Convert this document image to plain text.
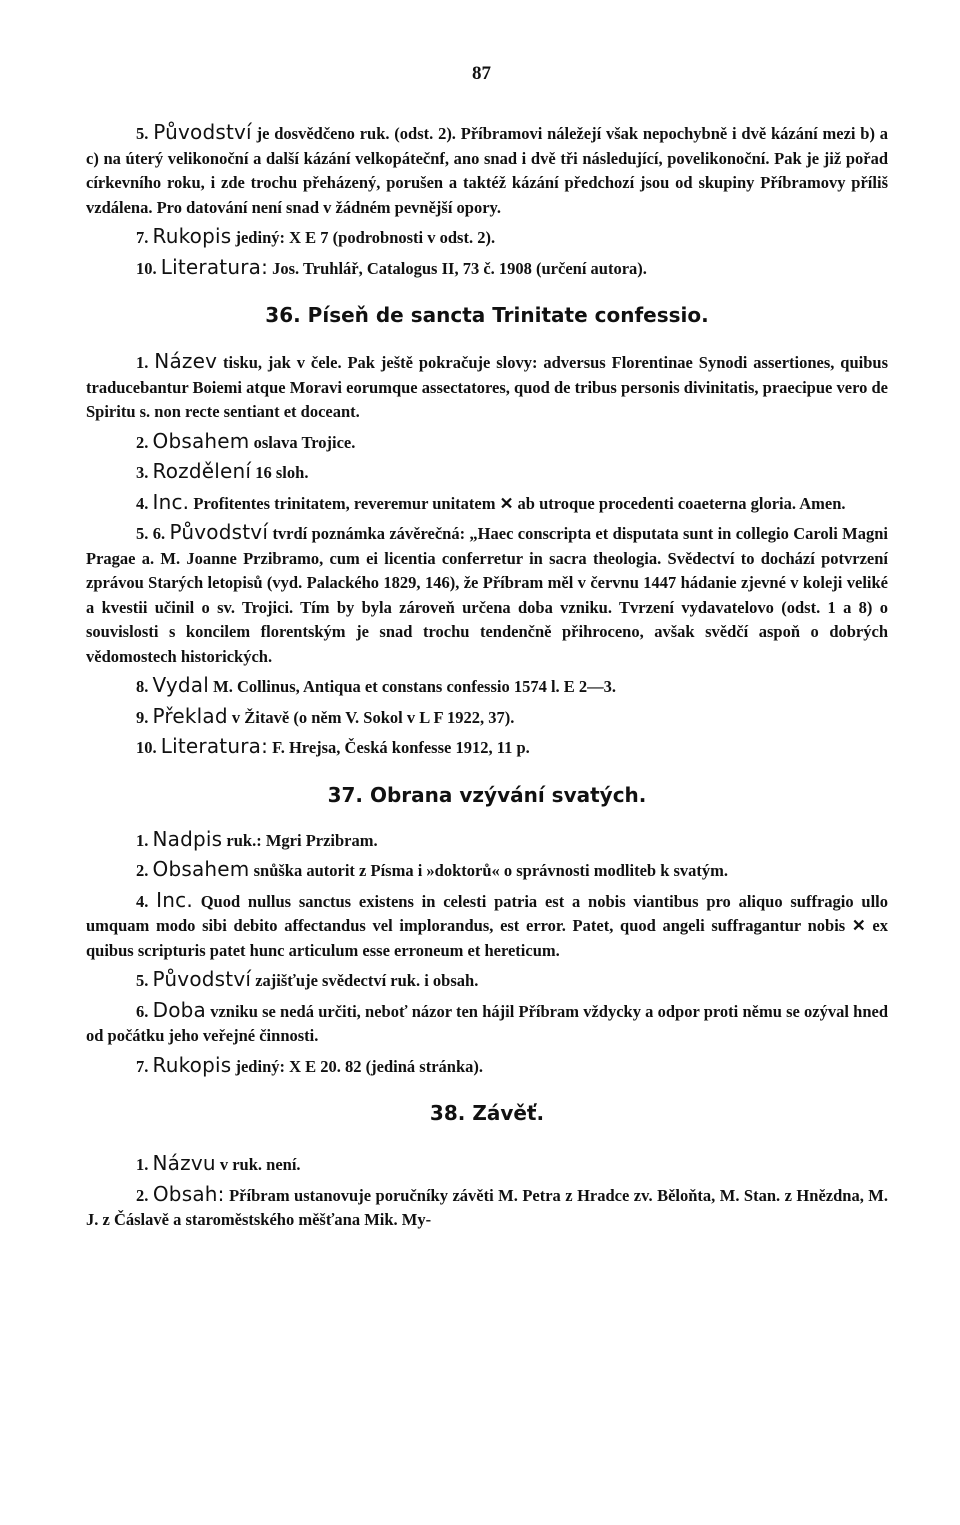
87

5. Původství je dosvědčeno ruk. (odst. 2). Příbramovi náležejí však nepochybně i dvě kázání mezi b) a c) na úterý velikonoční a další kázání velkopátečnf, ano snad i dvě tři následující, povelikonoční. Pak je již pořad církevního roku, i zde trochu přeházený, porušen a taktéž kázání předchozí jsou od skupiny Příbramovy příliš vzdálena. Pro datování není snad v žádném pevnější opory.

7. Rukopis jediný: X E 7 (podrobnosti v odst. 2).

10. Literatura: Jos. Truhlář, Catalogus II, 73 č. 1908 (určení autora).

36. Píseň de sancta Trinitate confessio.

1. Název tisku, jak v čele. Pak ještě pokračuje slovy: adversus Florentinae Synodi assertiones, quibus traducebantur Boiemi atque Moravi eorumque assectatores, quod de tribus personis divinitatis, praecipue vero de Spiritu s. non recte sentiant et doceant.

2. Obsahem oslava Trojice.

3. Rozdělení 16 sloh.

4. Inc. Profitentes trinitatem, reveremur unitatem ✕ ab utroque procedenti coaeterna gloria. Amen.

5. 6. Původství tvrdí poznámka závěrečná: „Haec conscripta et disputata sunt in collegio Caroli Magni Pragae a. M. Joanne Przibramo, cum ei licentia conferretur in sacra theologia. Svědectví to dochází potvrzení zprávou Starých letopisů (vyd. Palackého 1829, 146), že Příbram měl v červnu 1447 hádanie zjevné v koleji veliké a kvestii učinil o sv. Trojici. Tím by byla zároveň určena doba vzniku. Tvrzení vydavatelovo (odst. 1 a 8) o souvislosti s koncilem florentským je snad trochu tendenčně přihroceno, avšak svědčí aspoň o dobrých vědomostech historických.

8. Vydal M. Collinus, Antiqua et constans confessio 1574 l. E 2—3.

9. Překlad v Žitavě (o něm V. Sokol v L F 1922, 37).

10. Literatura: F. Hrejsa, Česká konfesse 1912, 11 p.

37. Obrana vzývání svatých.

1. Nadpis ruk.: Mgri Przibram.

2. Obsahem snůška autorit z Písma i »doktorů« o správnosti modliteb k svatým.

4. Inc. Quod nullus sanctus existens in celesti patria est a nobis viantibus pro aliquo suffragio ullo umquam modo sibi debito affectandus vel implorandus, est error. Patet, quod angeli suffragantur nobis ✕ ex quibus scripturis patet hunc articulum esse erroneum et hereticum.

5. Původství zajišťuje svědectví ruk. i obsah.

6. Doba vzniku se nedá určiti, neboť názor ten hájil Příbram vždycky a odpor proti němu se ozýval hned od počátku jeho veřejné činnosti.

7. Rukopis jediný: X E 20. 82 (jediná stránka).

38. Závěť.

1. Názvu v ruk. není.

2. Obsah: Příbram ustanovuje poručníky závěti M. Petra z Hradce zv. Běloňta, M. Stan. z Hnězdna, M. J. z Čáslavě a staroměstského měšťana Mik. My-
